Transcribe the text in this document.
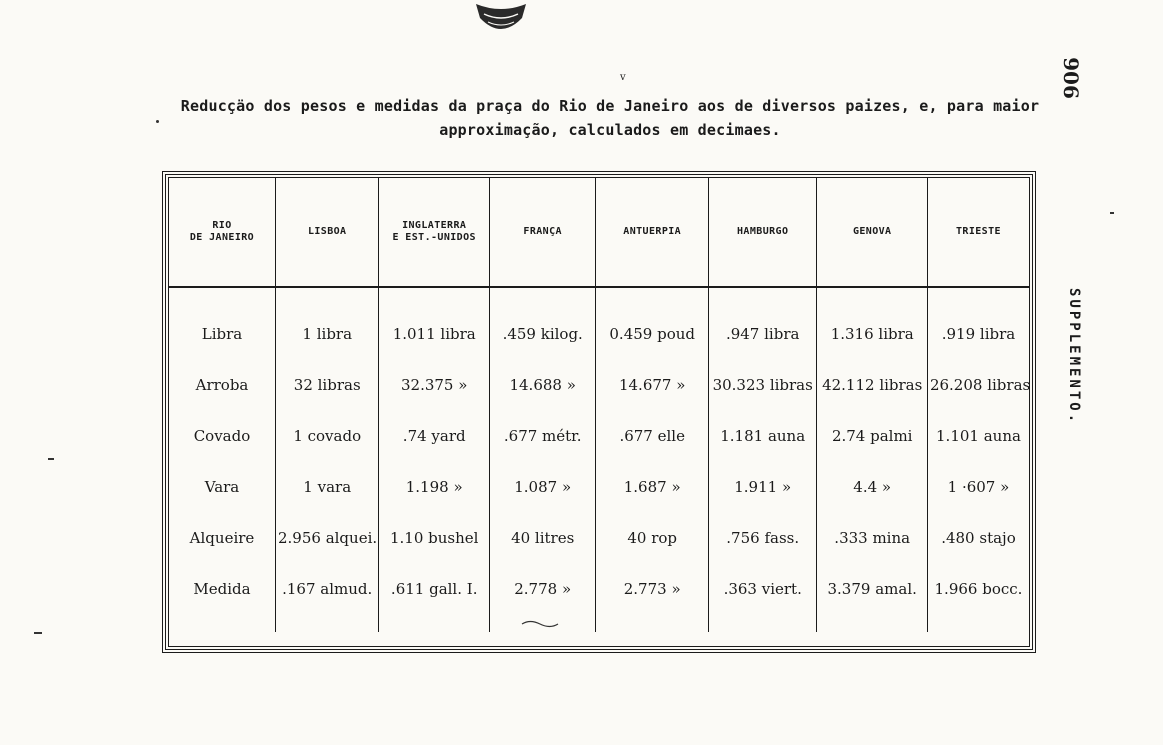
v
Reducçäo dos pesos e medidas da praça do Rio de Janeiro aos de diversos paizes, e, para maior
approximação, calculados em decimaes.
906
SUPPLEMENTO.
RIO
DE JANEIRO	LISBOA	INGLATERRA
E EST.-UNIDOS	FRANÇA	ANTUERPIA	HAMBURGO	GENOVA	TRIESTE
Libra	1 libra	1.011 libra	.459 kilog.	0.459 poud	.947 libra	1.316 libra	.919 libra
Arroba	32 libras	32.375 »	14.688 »	14.677 »	30.323 libras	42.112 libras	26.208 libras
Covado	1 covado	.74 yard	.677 métr.	.677 elle	1.181 auna	2.74 palmi	1.101 auna
Vara	1 vara	1.198 »	1.087 »	1.687 »	1.911 »	4.4 »	1 ·607 »
Alqueire	2.956 alquei.	1.10 bushel	40 litres	40 rop	.756 fass.	.333 mina	.480 stajo
Medida	.167 almud.	.611 gall. I.	2.778 »	2.773 »	.363 viert.	3.379 amal.	1.966 bocc.
